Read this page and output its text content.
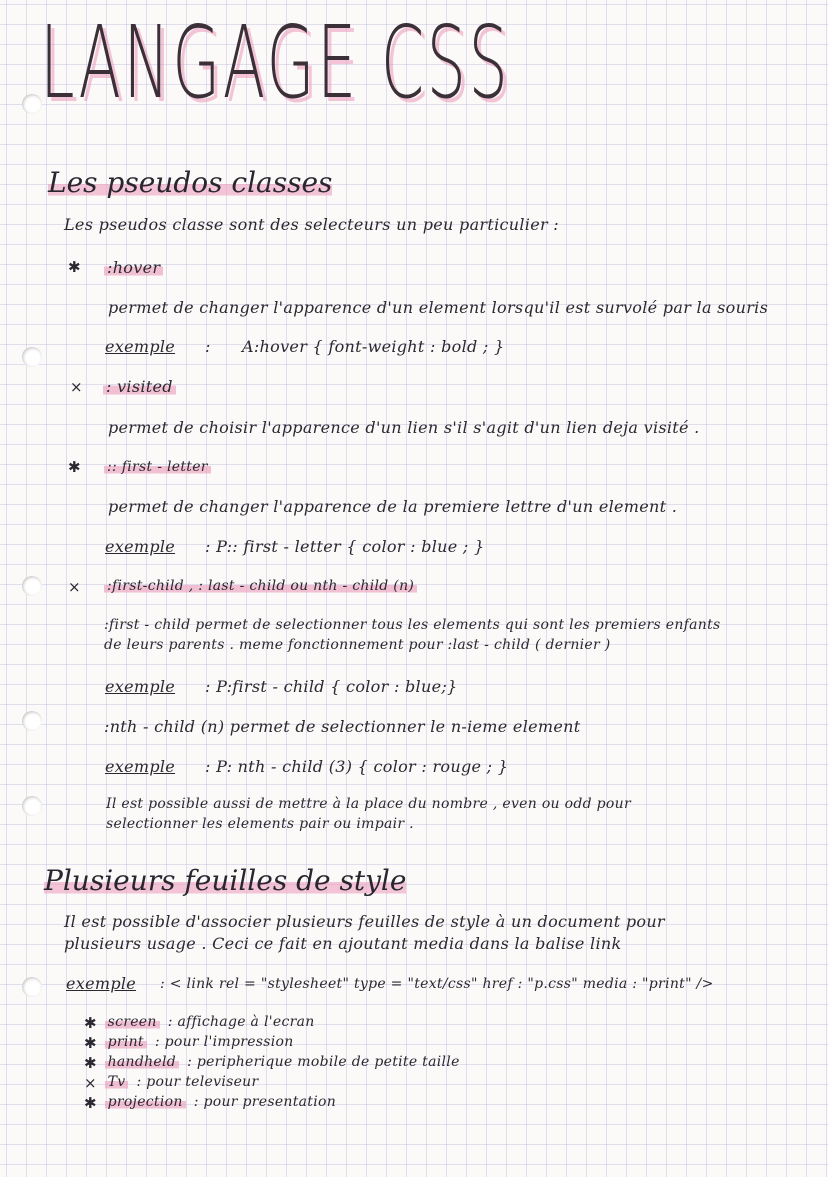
LANGAGE CSS
Les pseudos classes
Les pseudos classe sont des selecteurs un peu particulier :
✱ :hover
permet de changer l'apparence d'un element lorsqu'il est survolé par la souris
exemple : A:hover { font-weight : bold ; }
× : visited
permet de choisir l'apparence d'un lien s'il s'agit d'un lien deja visité .
✱ :: first - letter
permet de changer l'apparence de la premiere lettre d'un element .
exemple : P:: first - letter { color : blue ; }
× :first-child , : last - child ou nth - child (n)
:first - child permet de selectionner tous les elements qui sont les premiers enfants
de leurs parents . meme fonctionnement pour :last - child ( dernier )
exemple : P:first - child { color : blue;}
:nth - child (n) permet de selectionner le n-ieme element
exemple : P: nth - child (3) { color : rouge ; }
Il est possible aussi de mettre à la place du nombre , even ou odd pour
selectionner les elements pair ou impair .
Plusieurs feuilles de style
Il est possible d'associer plusieurs feuilles de style à un document pour
plusieurs usage . Ceci ce fait en ajoutant media dans la balise link
exemple : < link rel = "stylesheet" type = "text/css" href : "p.css" media : "print" />
✱ screen : affichage à l'ecran
✱ print : pour l'impression
✱ handheld : peripherique mobile de petite taille
× Tv : pour televiseur
✱ projection : pour presentation
